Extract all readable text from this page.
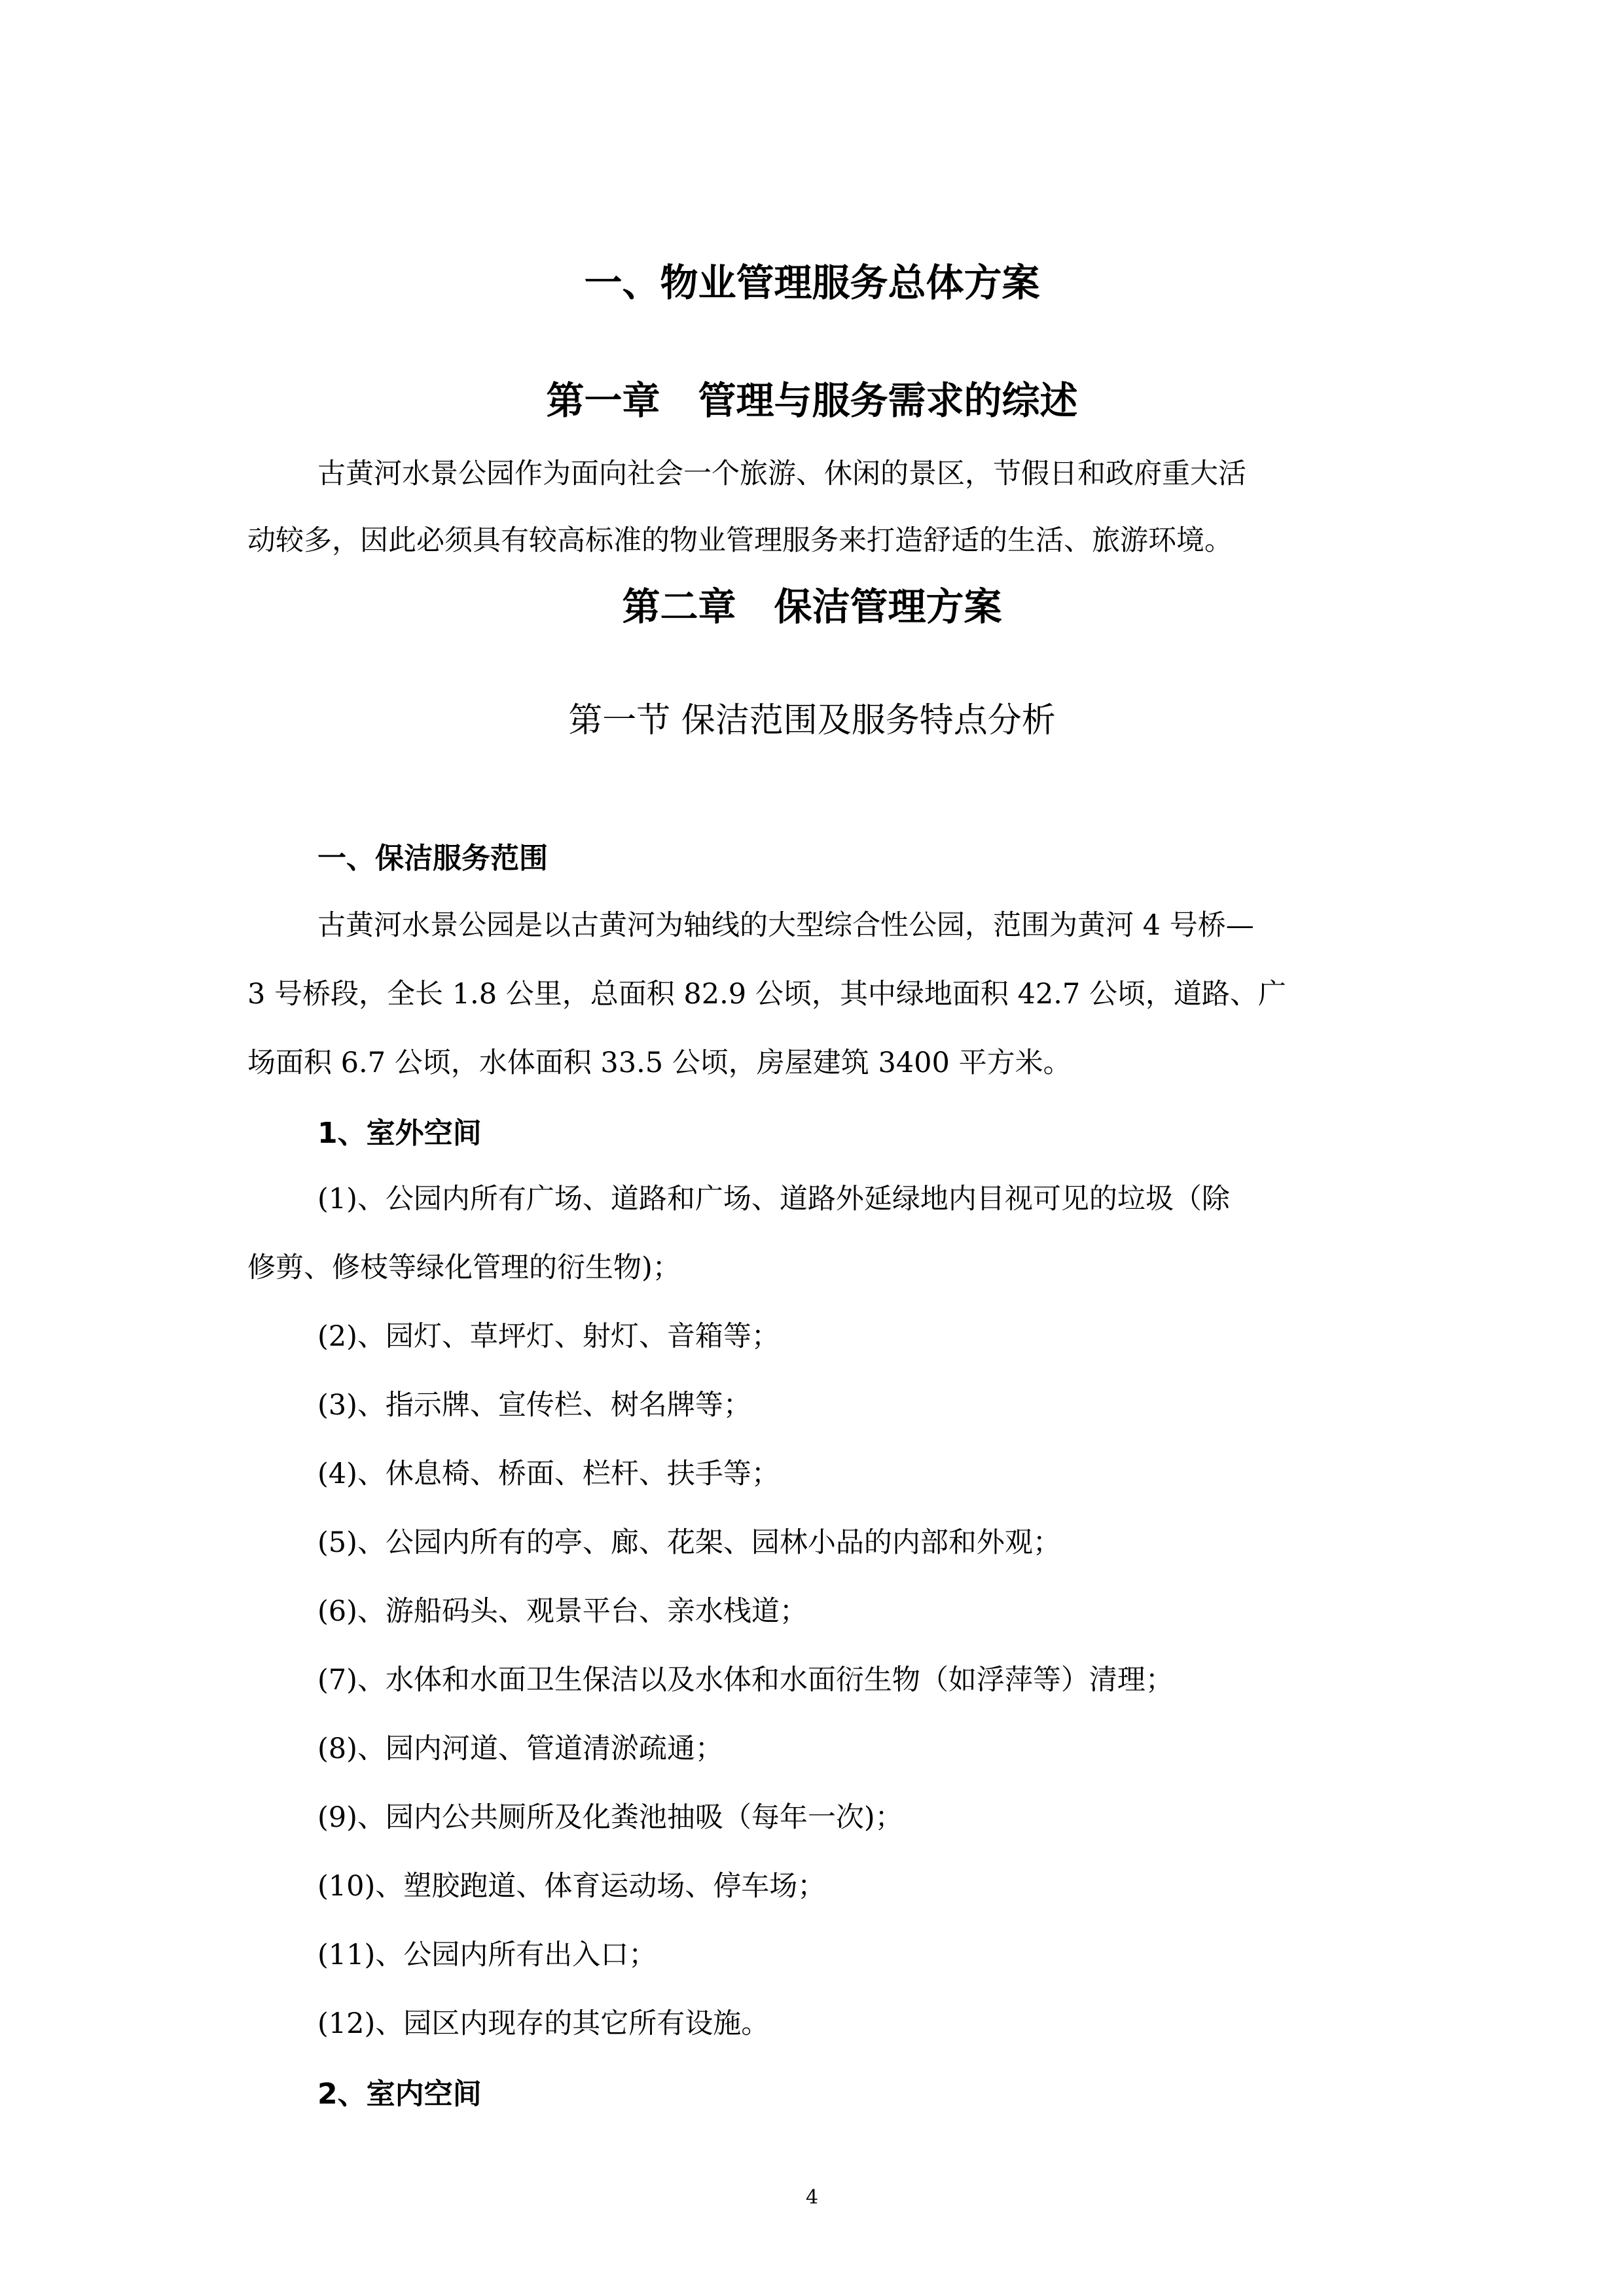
一、物业管理服务总体方案
第一章　管理与服务需求的综述
古黄河水景公园作为面向社会一个旅游、休闲的景区，节假日和政府重大活
动较多，因此必须具有较高标准的物业管理服务来打造舒适的生活、旅游环境。
第二章　保洁管理方案
第一节 保洁范围及服务特点分析
一、保洁服务范围
古黄河水景公园是以古黄河为轴线的大型综合性公园，范围为黄河 4 号桥—
3 号桥段，全长 1.8 公里，总面积 82.9 公顷，其中绿地面积 42.7 公顷，道路、广
场面积 6.7 公顷，水体面积 33.5 公顷，房屋建筑 3400 平方米。
1、室外空间
(1)、公园内所有广场、道路和广场、道路外延绿地内目视可见的垃圾（除
修剪、修枝等绿化管理的衍生物)；
(2)、园灯、草坪灯、射灯、音箱等；
(3)、指示牌、宣传栏、树名牌等；
(4)、休息椅、桥面、栏杆、扶手等；
(5)、公园内所有的亭、廊、花架、园林小品的内部和外观；
(6)、游船码头、观景平台、亲水栈道；
(7)、水体和水面卫生保洁以及水体和水面衍生物（如浮萍等）清理；
(8)、园内河道、管道清淤疏通；
(9)、园内公共厕所及化粪池抽吸（每年一次)；
(10)、塑胶跑道、体育运动场、停车场；
(11)、公园内所有出入口；
(12)、园区内现存的其它所有设施。
2、室内空间
4
